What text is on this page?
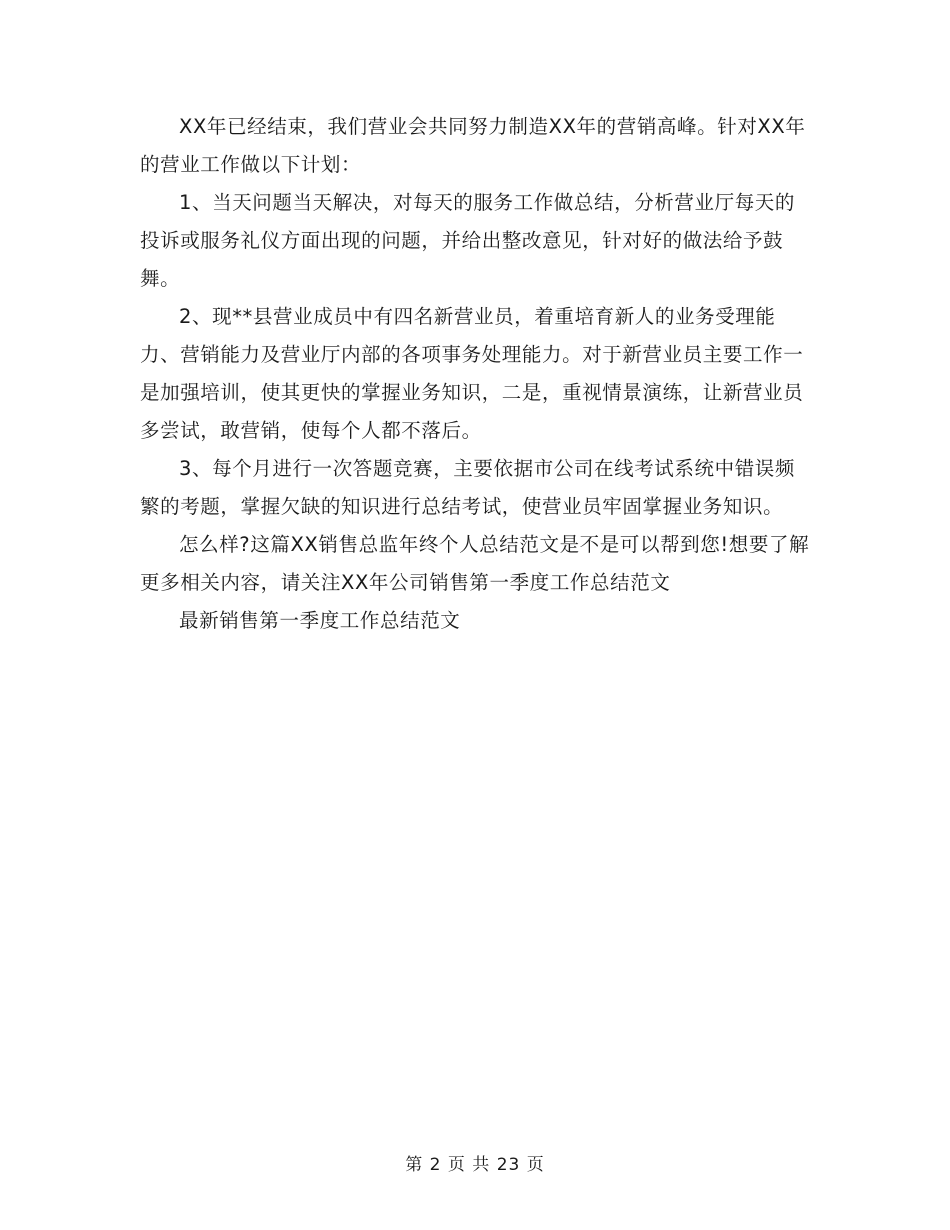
XX年已经结束，我们营业会共同努力制造XX年的营销高峰。针对XX年的营业工作做以下计划：

1、当天问题当天解决，对每天的服务工作做总结，分析营业厅每天的投诉或服务礼仪方面出现的问题，并给出整改意见，针对好的做法给予鼓舞。

2、现**县营业成员中有四名新营业员，着重培育新人的业务受理能力、营销能力及营业厅内部的各项事务处理能力。对于新营业员主要工作一是加强培训，使其更快的掌握业务知识，二是，重视情景演练，让新营业员多尝试，敢营销，使每个人都不落后。

3、每个月进行一次答题竞赛，主要依据市公司在线考试系统中错误频繁的考题，掌握欠缺的知识进行总结考试，使营业员牢固掌握业务知识。

怎么样?这篇XX销售总监年终个人总结范文是不是可以帮到您!想要了解更多相关内容，请关注XX年公司销售第一季度工作总结范文

最新销售第一季度工作总结范文

第 2 页 共 23 页
